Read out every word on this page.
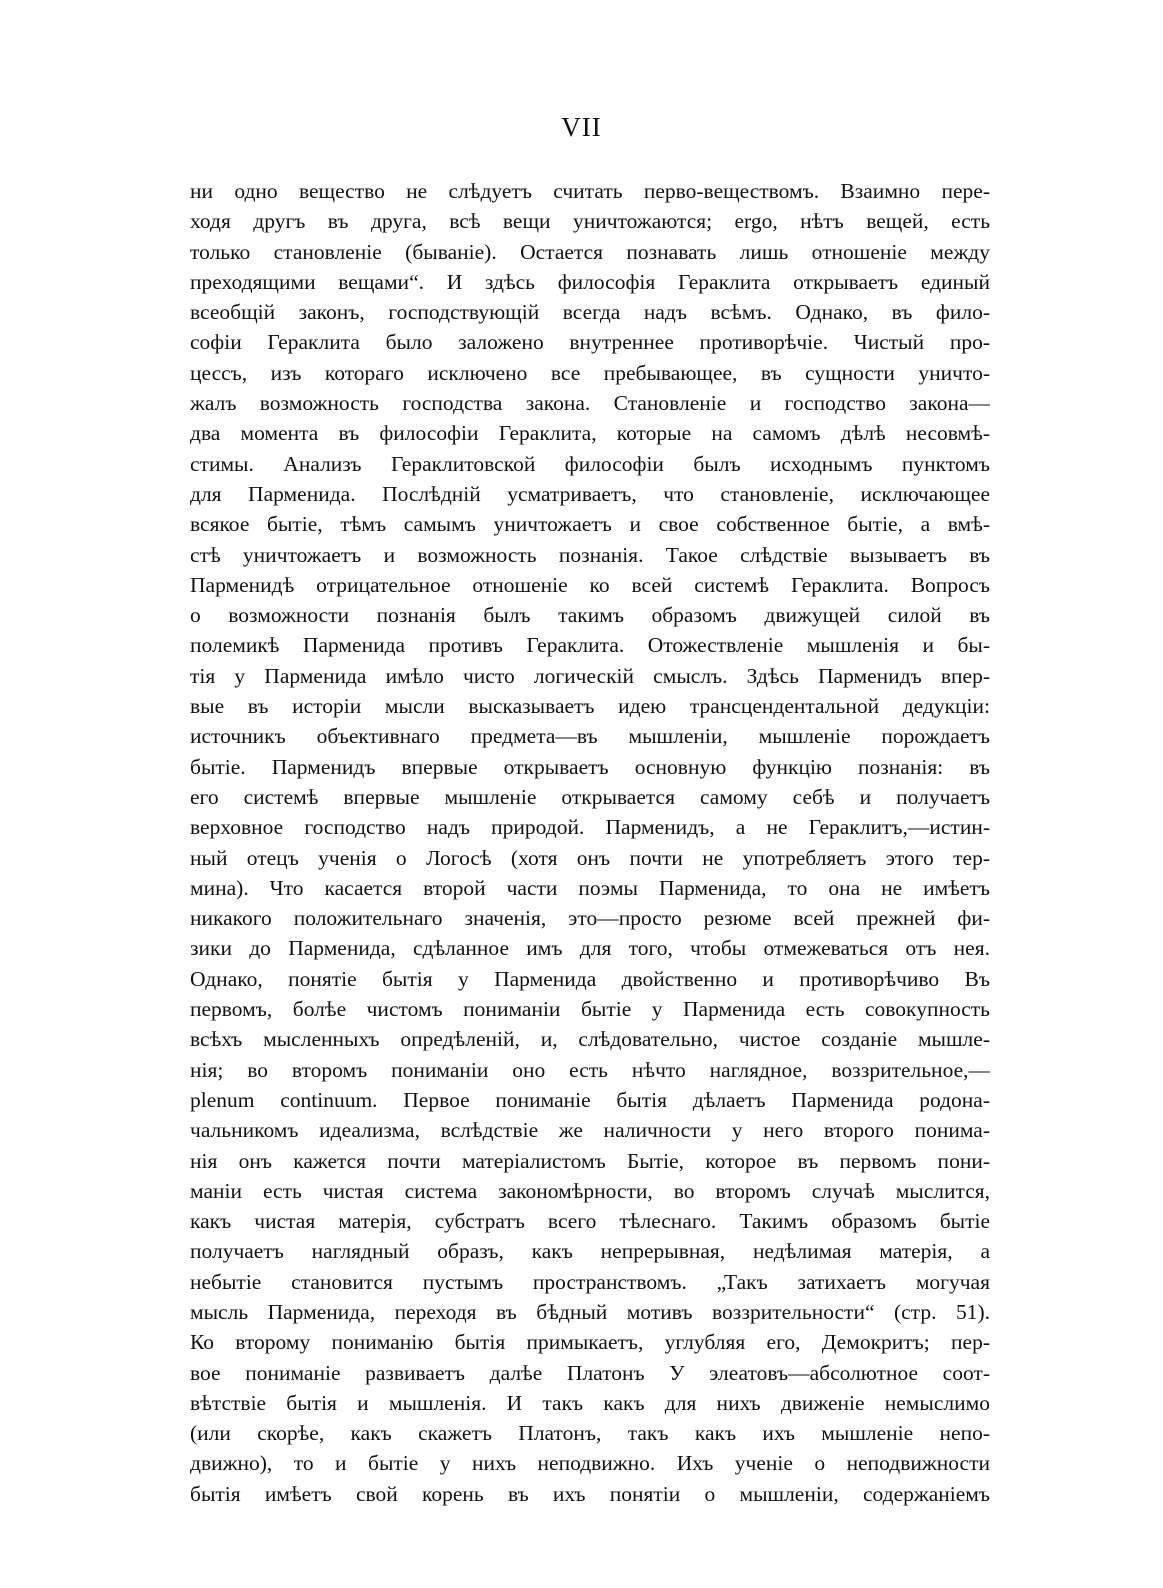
VII
ни одно вещество не слѣдуетъ считать перво-веществомъ. Взаимно пере-
ходя другъ въ друга, всѣ вещи уничтожаются; ergo, нѣтъ вещей, есть
только становленіе (бываніе). Остается познавать лишь отношеніе между
преходящими вещами“. И здѣсь философія Гераклита открываетъ единый
всеобщій законъ, господствующій всегда надъ всѣмъ. Однако, въ фило-
софіи Гераклита было заложено внутреннее противорѣчіе. Чистый про-
цессъ, изъ котораго исключено все пребывающее, въ сущности уничто-
жалъ возможность господства закона. Становленіе и господство закона—
два момента въ философіи Гераклита, которые на самомъ дѣлѣ несовмѣ-
стимы. Анализъ Гераклитовской философіи былъ исходнымъ пунктомъ
для Парменида. Послѣдній усматриваетъ, что становленіе, исключающее
всякое бытіе, тѣмъ самымъ уничтожаетъ и свое собственное бытіе, а вмѣ-
стѣ уничтожаетъ и возможность познанія. Такое слѣдствіе вызываетъ въ
Парменидѣ отрицательное отношеніе ко всей системѣ Гераклита. Вопросъ
о возможности познанія былъ такимъ образомъ движущей силой въ
полемикѣ Парменида противъ Гераклита. Отожествленіе мышленія и бы-
тія у Парменида имѣло чисто логическій смыслъ. Здѣсь Парменидъ впер-
вые въ исторіи мысли высказываетъ идею трансцендентальной дедукціи:
источникъ объективнаго предмета—въ мышленіи, мышленіе порождаетъ
бытіе. Парменидъ впервые открываетъ основную функцію познанія: въ
его системѣ впервые мышленіе открывается самому себѣ и получаетъ
верховное господство надъ природой. Парменидъ, а не Гераклитъ,—истин-
ный отецъ ученія о Логосѣ (хотя онъ почти не употребляетъ этого тер-
мина). Что касается второй части поэмы Парменида, то она не имѣетъ
никакого положительнаго значенія, это—просто резюме всей прежней фи-
зики до Парменида, сдѣланное имъ для того, чтобы отмежеваться отъ нея.
Однако, понятіе бытія у Парменида двойственно и противорѣчиво Въ
первомъ, болѣе чистомъ пониманіи бытіе у Парменида есть совокупность
всѣхъ мысленныхъ опредѣленій, и, слѣдовательно, чистое созданіе мышле-
нія; во второмъ пониманіи оно есть нѣчто наглядное, воззрительное,—
plenum continuum. Первое пониманіе бытія дѣлаетъ Парменида родона-
чальникомъ идеализма, вслѣдствіе же наличности у него второго понима-
нія онъ кажется почти матеріалистомъ Бытіе, которое въ первомъ пони-
маніи есть чистая система закономѣрности, во второмъ случаѣ мыслится,
какъ чистая матерія, субстратъ всего тѣлеснаго. Такимъ образомъ бытіе
получаетъ наглядный образъ, какъ непрерывная, недѣлимая матерія, а
небытіе становится пустымъ пространствомъ. „Такъ затихаетъ могучая
мысль Парменида, переходя въ бѣдный мотивъ воззрительности“ (стр. 51).
Ко второму пониманію бытія примыкаетъ, углубляя его, Демокритъ; пер-
вое пониманіе развиваетъ далѣе Платонъ У элеатовъ—абсолютное соот-
вѣтствіе бытія и мышленія. И такъ какъ для нихъ движеніе немыслимо
(или скорѣе, какъ скажетъ Платонъ, такъ какъ ихъ мышленіе непо-
движно), то и бытіе у нихъ неподвижно. Ихъ ученіе о неподвижности
бытія имѣетъ свой корень въ ихъ понятіи о мышленіи, содержаніемъ
